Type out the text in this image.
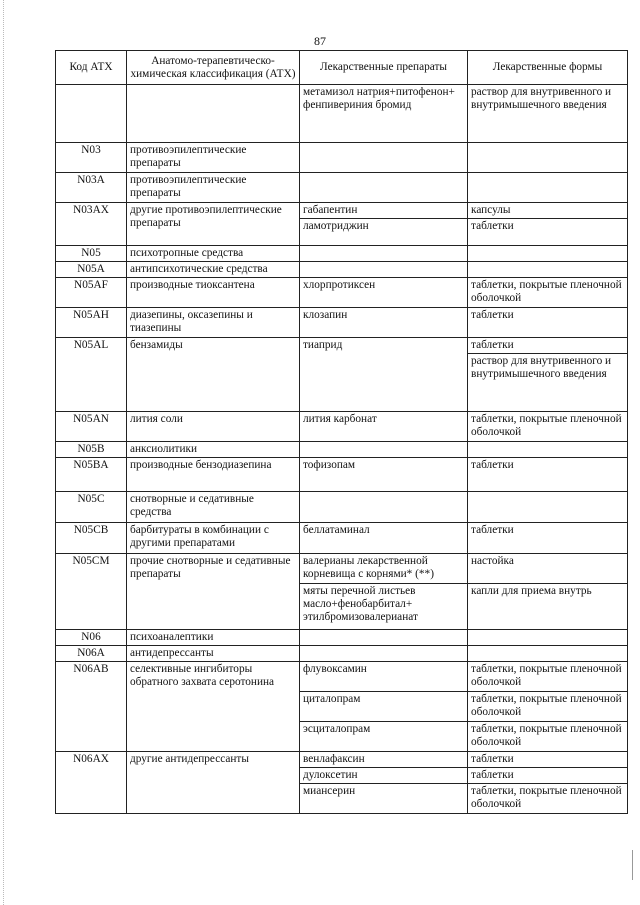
87
Код АТХ	Анатомо-терапевтическо-химическая классификация (АТХ)	Лекарственные препараты	Лекарственные формы
		метамизол натрия+питофенон+ фенпивериния бромид	раствор для внутривенного и внутримышечного введения
N03	противоэпилептические препараты		
N03A	противоэпилептические препараты		
N03AX	другие противоэпилептические препараты	габапентин	капсулы
		ламотриджин	таблетки
N05	психотропные средства		
N05A	антипсихотические средства		
N05AF	производные тиоксантена	хлорпротиксен	таблетки, покрытые пленочной оболочкой
N05AH	диазепины, оксазепины и тиазепины	клозапин	таблетки
N05AL	бензамиды	тиаприд	таблетки
			раствор для внутривенного и внутримышечного введения
N05AN	лития соли	лития карбонат	таблетки, покрытые пленочной оболочкой
N05B	анксиолитики		
N05BA	производные бензодиазепина	тофизопам	таблетки
N05C	снотворные и седативные средства		
N05CB	барбитураты в комбинации с другими препаратами	беллатаминал	таблетки
N05CM	прочие снотворные и седативные препараты	валерианы лекарственной корневища с корнями* (**)	настойка
		мяты перечной листьев масло+фенобарбитал+ этилбромизовалерианат	капли для приема внутрь
N06	психоаналептики		
N06A	антидепрессанты		
N06AB	селективные ингибиторы обратного захвата серотонина	флувоксамин	таблетки, покрытые пленочной оболочкой
		циталопрам	таблетки, покрытые пленочной оболочкой
		эсциталопрам	таблетки, покрытые пленочной оболочкой
N06AX	другие антидепрессанты	венлафаксин	таблетки
		дулоксетин	таблетки
		миансерин	таблетки, покрытые пленочной оболочкой
